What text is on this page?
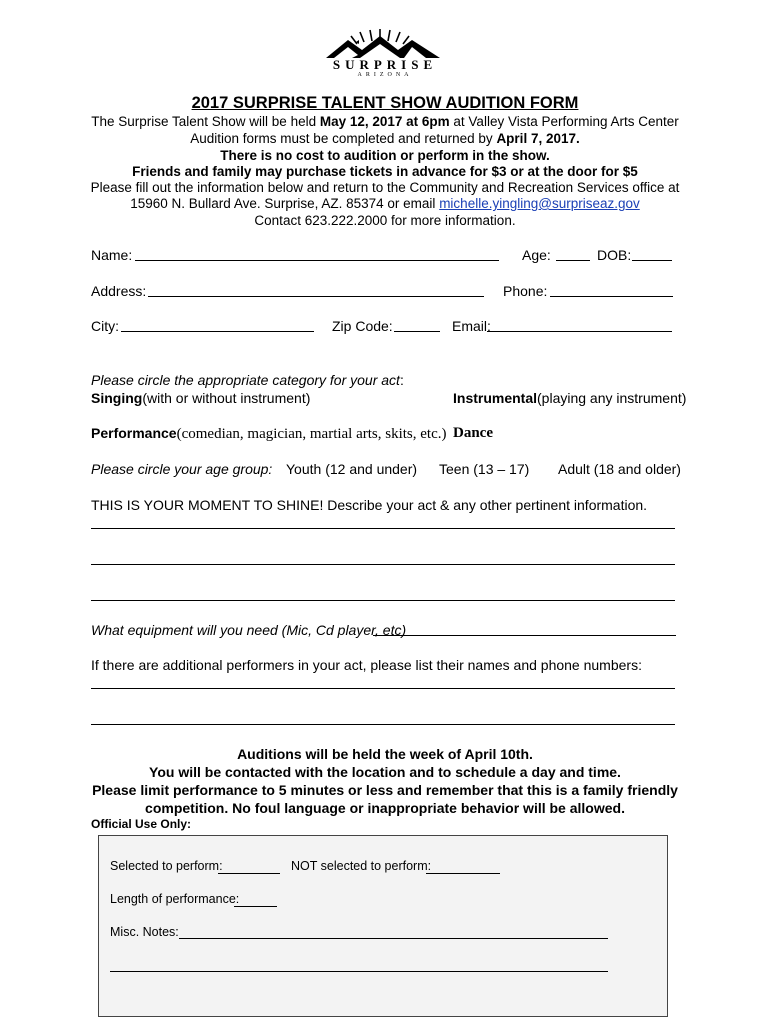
SURPRISE
ARIZONA
2017 SURPRISE TALENT SHOW AUDITION FORM
The Surprise Talent Show will be held May 12, 2017 at 6pm at Valley Vista Performing Arts Center
Audition forms must be completed and returned by April 7, 2017.
There is no cost to audition or perform in the show.
Friends and family may purchase tickets in advance for $3 or at the door for $5
Please fill out the information below and return to the Community and Recreation Services office at
15960 N. Bullard Ave. Surprise, AZ. 85374 or email michelle.yingling@surpriseaz.gov
Contact 623.222.2000 for more information.
Name:	Age:	DOB:
Address:	Phone:
City:	Zip Code:	Email:
Please circle the appropriate category for your act:
Singing(with or without instrument)	Instrumental(playing any instrument)
Performance(comedian, magician, martial arts, skits, etc.) Dance
Please circle your age group: Youth (12 and under) Teen (13 – 17) Adult (18 and older)
THIS IS YOUR MOMENT TO SHINE! Describe your act & any other pertinent information.
What equipment will you need (Mic, Cd player, etc)
If there are additional performers in your act, please list their names and phone numbers:
Auditions will be held the week of April 10th.
You will be contacted with the location and to schedule a day and time.
Please limit performance to 5 minutes or less and remember that this is a family friendly
competition. No foul language or inappropriate behavior will be allowed.
Official Use Only:
Selected to perform:	NOT selected to perform:
Length of performance:
Misc. Notes:
